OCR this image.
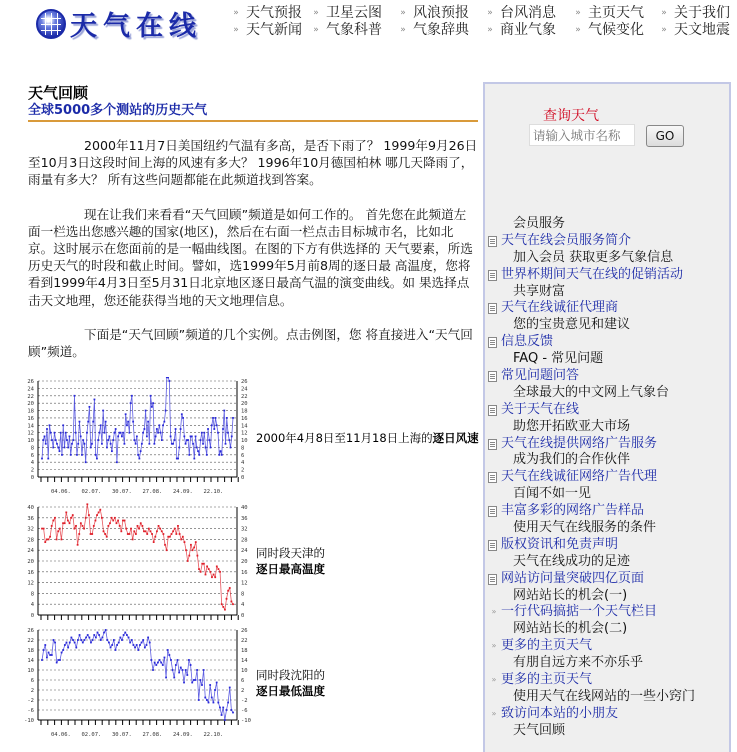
天气在线	» 天气预报	» 卫星云图	» 风浪预报	» 台风消息	» 主页天气	» 关于我们
» 天气新闻	» 气象科普	» 气象辞典	» 商业气象	» 气候变化	» 天文地震
天气回顾
全球5000多个测站的历史天气

2000年11月7日美国纽约气温有多高，是否下雨了？ 1999年9月26日至10月3日这段时间上海的风速有多大？ 1996年10月德国柏林 哪几天降雨了，雨量有多大？ 所有这些问题都能在此频道找到答案。

现在让我们来看看“天气回顾”频道是如何工作的。 首先您在此频道左面一栏选出您感兴趣的国家(地区)，然后在右面一栏点击目标城市名，比如北京。这时展示在您面前的是一幅曲线图。在图的下方有供选择的 天气要素，所选历史天气的时段和截止时间。譬如，选1999年5月前8周的逐日最 高温度，您将看到1999年4月3日至5月31日北京地区逐日最高气温的演变曲线。如 果选择点击天文地理，您还能获得当地的天文地理信息。

下面是“天气回顾”频道的几个实例。点击例图，您 将直接进入“天气回顾”频道。

0	0
2	2
4	4
6	6
8	8
10	10
12	12
14	14
16	16
18	18
20	20
22	22
24	24
26	26
04.06. 02.07. 30.07. 27.08. 24.09. 22.10.
2000年4月8日至11月18日上海的逐日风速
0	0
4	4
8	8
12	12
16	16
20	20
24	24
28	28
32	32
36	36
40	40
同时段天津的
逐日最高温度
-10	-10
-6	-6
-2	-2
2	2
6	6
10	10
14	14
18	18
22	22
26	26
04.06. 02.07. 30.07. 27.08. 24.09. 22.10.
同时段沈阳的
逐日最低温度
查询天气
请输入城市名称
GO
会员服务
天气在线会员服务简介
加入会员 获取更多气象信息
世界杯期间天气在线的促销活动
共享财富
天气在线诚征代理商
您的宝贵意见和建议
信息反馈
FAQ - 常见问题
常见问题问答
全球最大的中文网上气象台
关于天气在线
助您开拓欧亚大市场
天气在线提供网络广告服务
成为我们的合作伙伴
天气在线诚征网络广告代理
百闻不如一见
丰富多彩的网络广告样品
使用天气在线服务的条件
版权资讯和免责声明
天气在线成功的足迹
网站访问量突破四亿页面
网站站长的机会(一)
» 一行代码搞掂一个天气栏目
网站站长的机会(二)
» 更多的主页天气
有朋自远方来不亦乐乎
» 更多的主页天气
使用天气在线网站的一些小窍门
» 致访问本站的小朋友
天气回顾
